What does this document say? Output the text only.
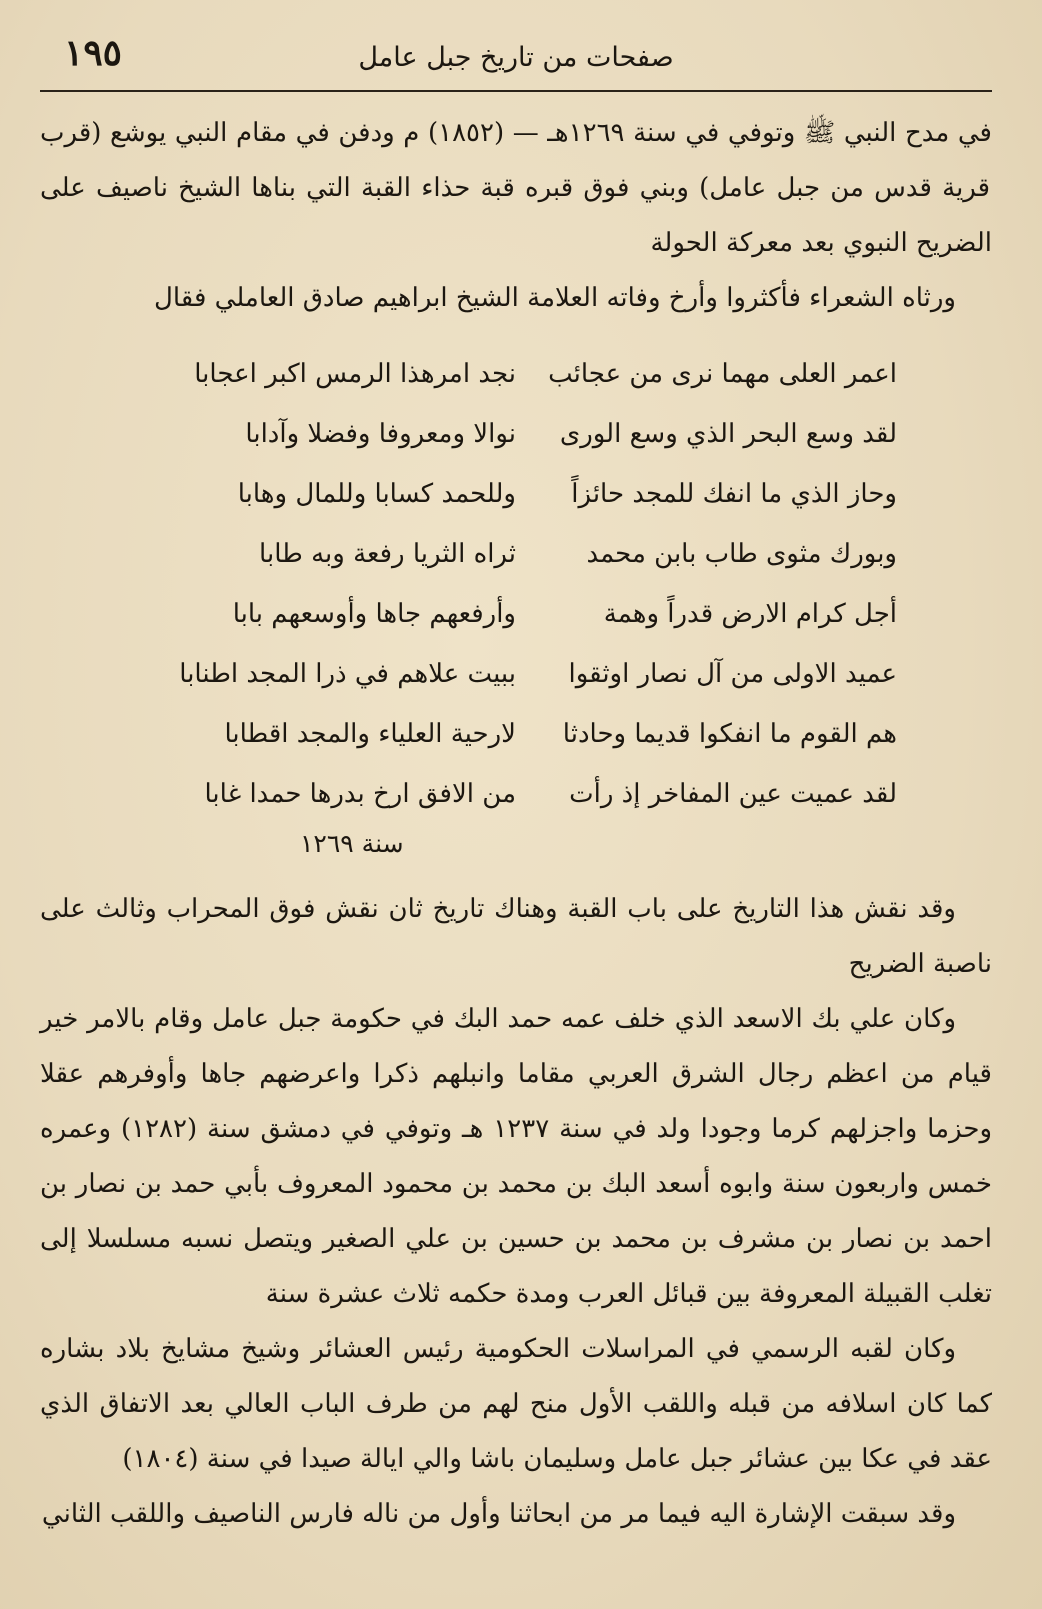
صفحات من تاريخ جبل عامل
١٩٥

في مدح النبي ﷺ وتوفي في سنة ١٢٦٩هـ — (١٨٥٢) م ودفن في مقام النبي يوشع (قرب قرية قدس من جبل عامل) وبني فوق قبره قبة حذاء القبة التي بناها الشيخ ناصيف على الضريح النبوي بعد معركة الحولة

ورثاه الشعراء فأكثروا وأرخ وفاته العلامة الشيخ ابراهيم صادق العاملي فقال

اعمر العلى مهما نرى من عجائب
نجد امرهذا الرمس اكبر اعجابا
لقد وسع البحر الذي وسع الورى
نوالا ومعروفا وفضلا وآدابا
وحاز الذي ما انفك للمجد حائزاً
وللحمد كسابا وللمال وهابا
وبورك مثوى طاب بابن محمد
ثراه الثريا رفعة وبه طابا
أجل كرام الارض قدراً وهمة
وأرفعهم جاها وأوسعهم بابا
عميد الاولى من آل نصار اوثقوا
ببيت علاهم في ذرا المجد اطنابا
هم القوم ما انفكوا قديما وحادثا
لارحية العلياء والمجد اقطابا
لقد عميت عين المفاخر إذ رأت
من الافق ارخ بدرها حمدا غابا
سنة ١٢٦٩

وقد نقش هذا التاريخ على باب القبة وهناك تاريخ ثان نقش فوق المحراب وثالث على ناصبة الضريح

وكان علي بك الاسعد الذي خلف عمه حمد البك في حكومة جبل عامل وقام بالامر خير قيام من اعظم رجال الشرق العربي مقاما وانبلهم ذكرا واعرضهم جاها وأوفرهم عقلا وحزما واجزلهم كرما وجودا ولد في سنة ١٢٣٧ هـ وتوفي في دمشق سنة (١٢٨٢) وعمره خمس واربعون سنة وابوه أسعد البك بن محمد بن محمود المعروف بأبي حمد بن نصار بن احمد بن نصار بن مشرف بن محمد بن حسين بن علي الصغير ويتصل نسبه مسلسلا إلى تغلب القبيلة المعروفة بين قبائل العرب ومدة حكمه ثلاث عشرة سنة

وكان لقبه الرسمي في المراسلات الحكومية رئيس العشائر وشيخ مشايخ بلاد بشاره كما كان اسلافه من قبله واللقب الأول منح لهم من طرف الباب العالي بعد الاتفاق الذي عقد في عكا بين عشائر جبل عامل وسليمان باشا والي ايالة صيدا في سنة (١٨٠٤)

وقد سبقت الإشارة اليه فيما مر من ابحاثنا وأول من ناله فارس الناصيف واللقب الثاني
